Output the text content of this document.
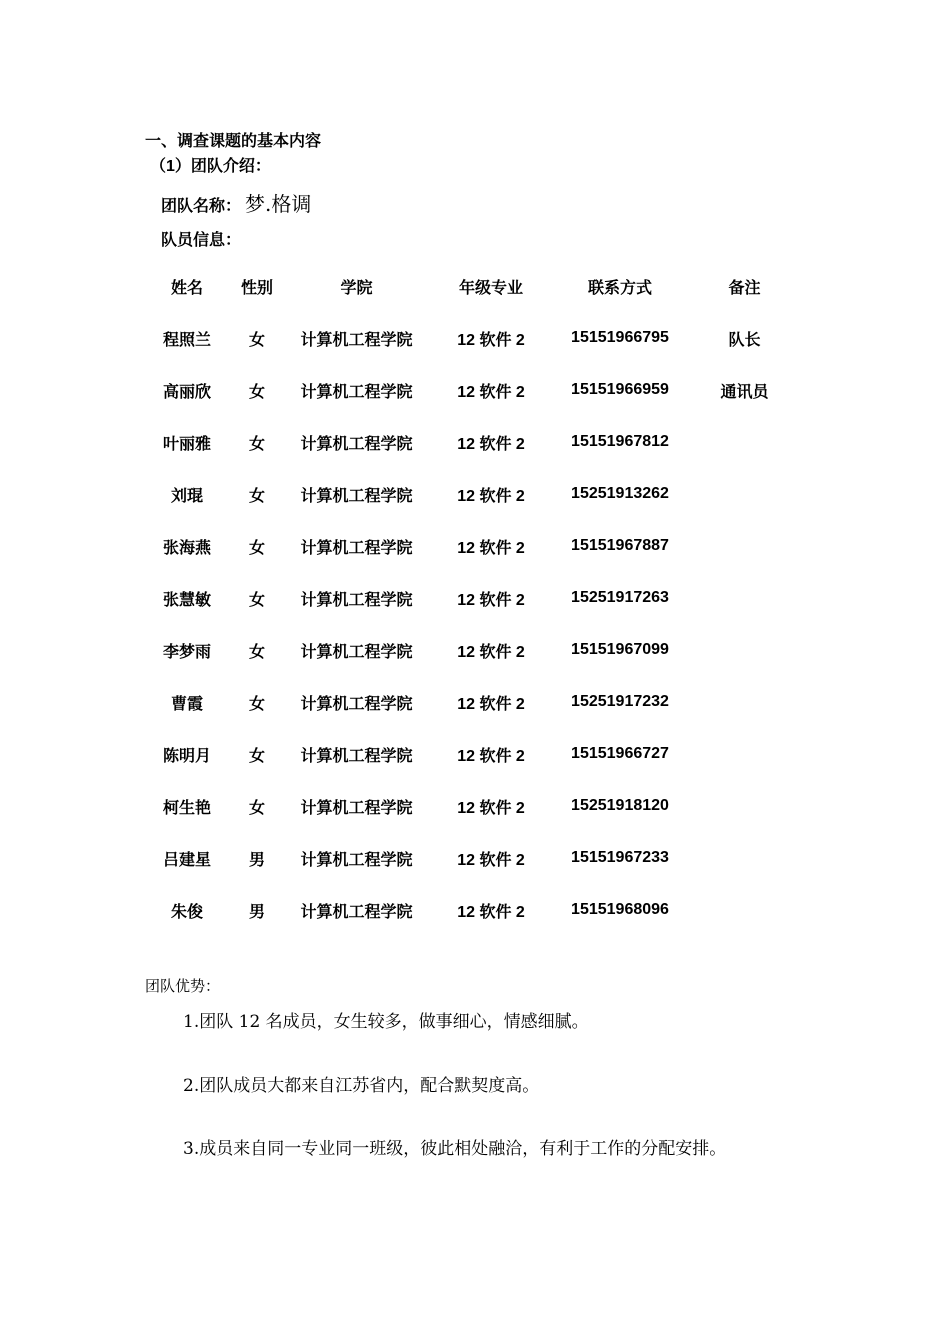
一、调查课题的基本内容
（1）团队介绍：
团队名称： 梦.格调
队员信息：
姓名	性别	学院	年级专业	联系方式	备注
程照兰	女	计算机工程学院	12 软件 2	15151966795	队长
高丽欣	女	计算机工程学院	12 软件 2	15151966959	通讯员
叶丽雅	女	计算机工程学院	12 软件 2	15151967812	
刘琨	女	计算机工程学院	12 软件 2	15251913262	
张海燕	女	计算机工程学院	12 软件 2	15151967887	
张慧敏	女	计算机工程学院	12 软件 2	15251917263	
李梦雨	女	计算机工程学院	12 软件 2	15151967099	
曹霞	女	计算机工程学院	12 软件 2	15251917232	
陈明月	女	计算机工程学院	12 软件 2	15151966727	
柯生艳	女	计算机工程学院	12 软件 2	15251918120	
吕建星	男	计算机工程学院	12 软件 2	15151967233	
朱俊	男	计算机工程学院	12 软件 2	15151968096	
团队优势：
1.团队 12 名成员，女生较多，做事细心，情感细腻。
2.团队成员大都来自江苏省内，配合默契度高。
3.成员来自同一专业同一班级，彼此相处融洽，有利于工作的分配安排。
